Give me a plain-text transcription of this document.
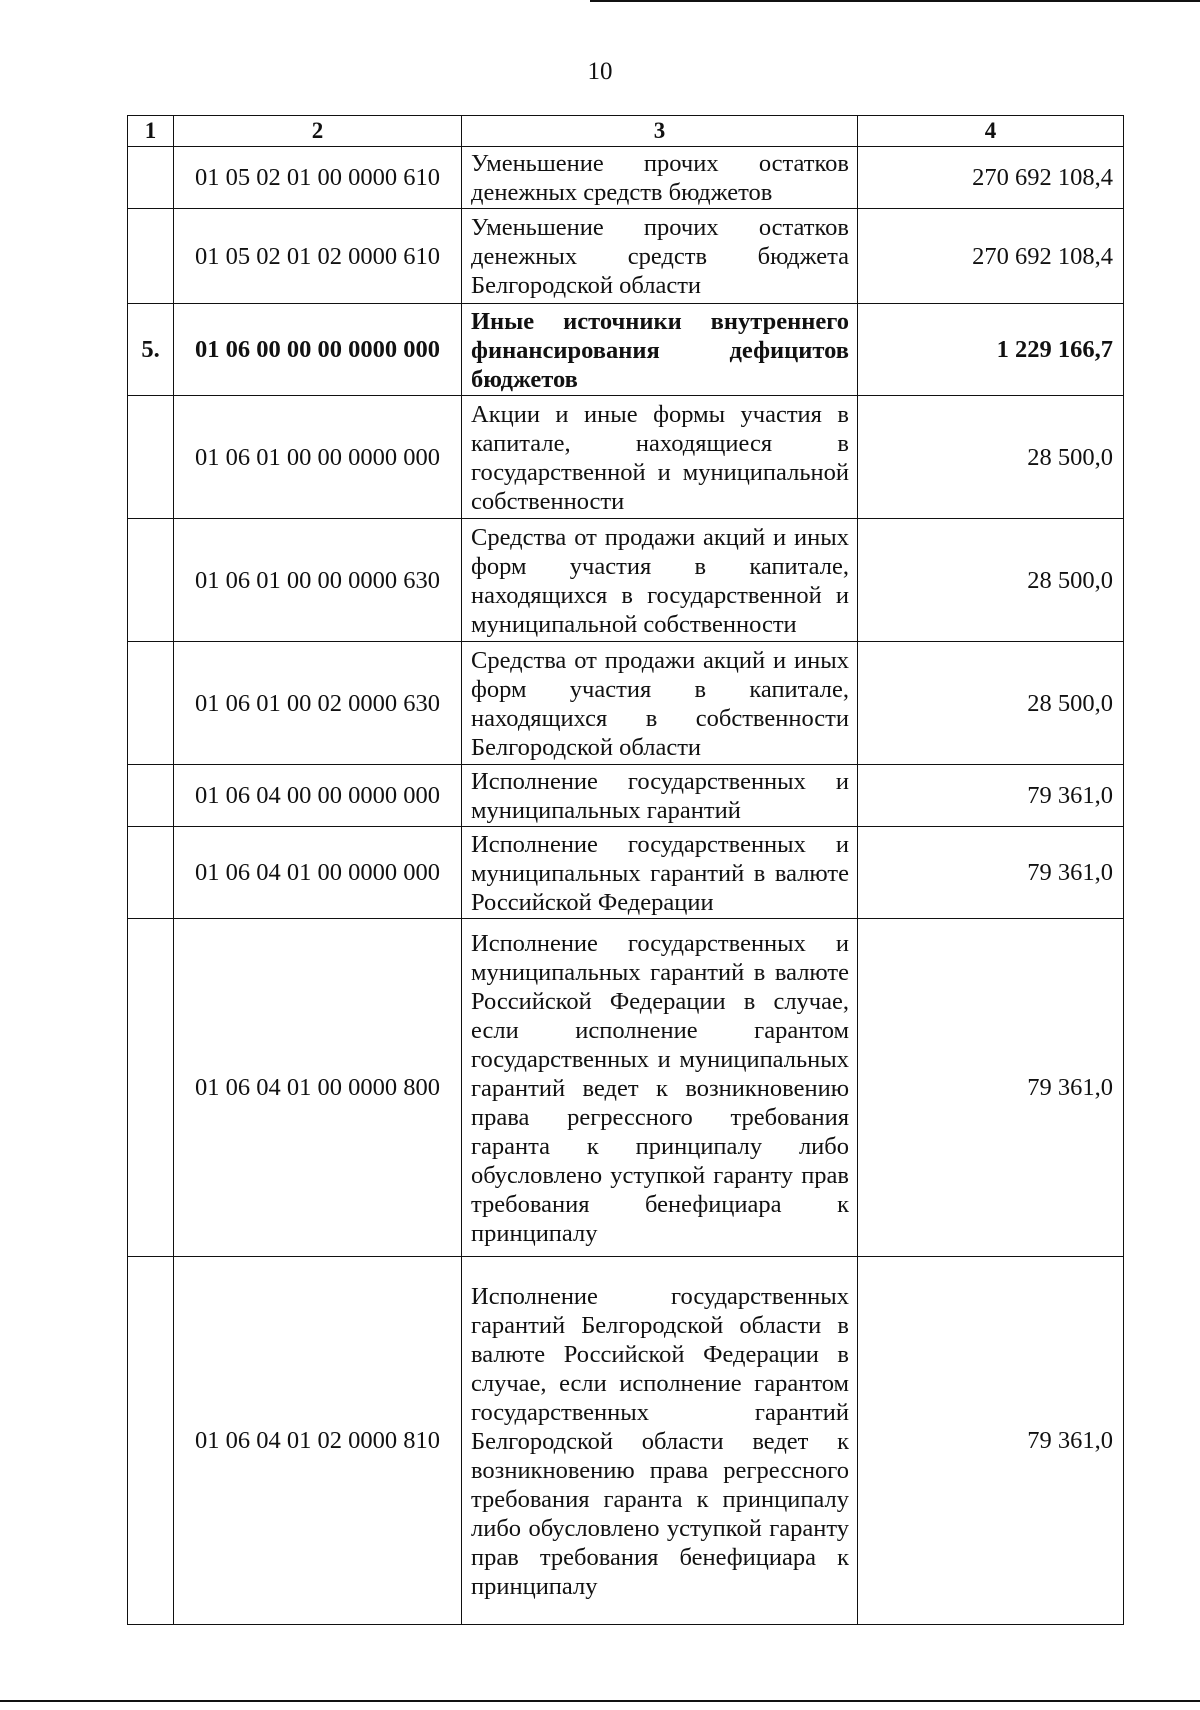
10
1	2	3	4
	01 05 02 01 00 0000 610	Уменьшение прочих остатков денежных средств бюджетов	270 692 108,4
	01 05 02 01 02 0000 610	Уменьшение прочих остатков денежных средств бюджета Белгородской области	270 692 108,4
5.	01 06 00 00 00 0000 000	Иные источники внутреннего финансирования дефицитов бюджетов	1 229 166,7
	01 06 01 00 00 0000 000	Акции и иные формы участия в капитале, находящиеся в государственной и муниципальной собственности	28 500,0
	01 06 01 00 00 0000 630	Средства от продажи акций и иных форм участия в капитале, находящихся в государственной и муниципальной собственности	28 500,0
	01 06 01 00 02 0000 630	Средства от продажи акций и иных форм участия в капитале, находящихся в собственности Белгородской области	28 500,0
	01 06 04 00 00 0000 000	Исполнение государственных и муниципальных гарантий	79 361,0
	01 06 04 01 00 0000 000	Исполнение государственных и муниципальных гарантий в валюте Российской Федерации	79 361,0
	01 06 04 01 00 0000 800	Исполнение государственных и муниципальных гарантий в валюте Российской Федерации в случае, если исполнение гарантом государственных и муниципальных гарантий ведет к возникновению права регрессного требования гаранта к принципалу либо обусловлено уступкой гаранту прав требования бенефициара к принципалу	79 361,0
	01 06 04 01 02 0000 810	Исполнение государственных гарантий Белгородской области в валюте Российской Федерации в случае, если исполнение гарантом государственных гарантий Белгородской области ведет к возникновению права регрессного требования гаранта к принципалу либо обусловлено уступкой гаранту прав требования бенефициара к принципалу	79 361,0
